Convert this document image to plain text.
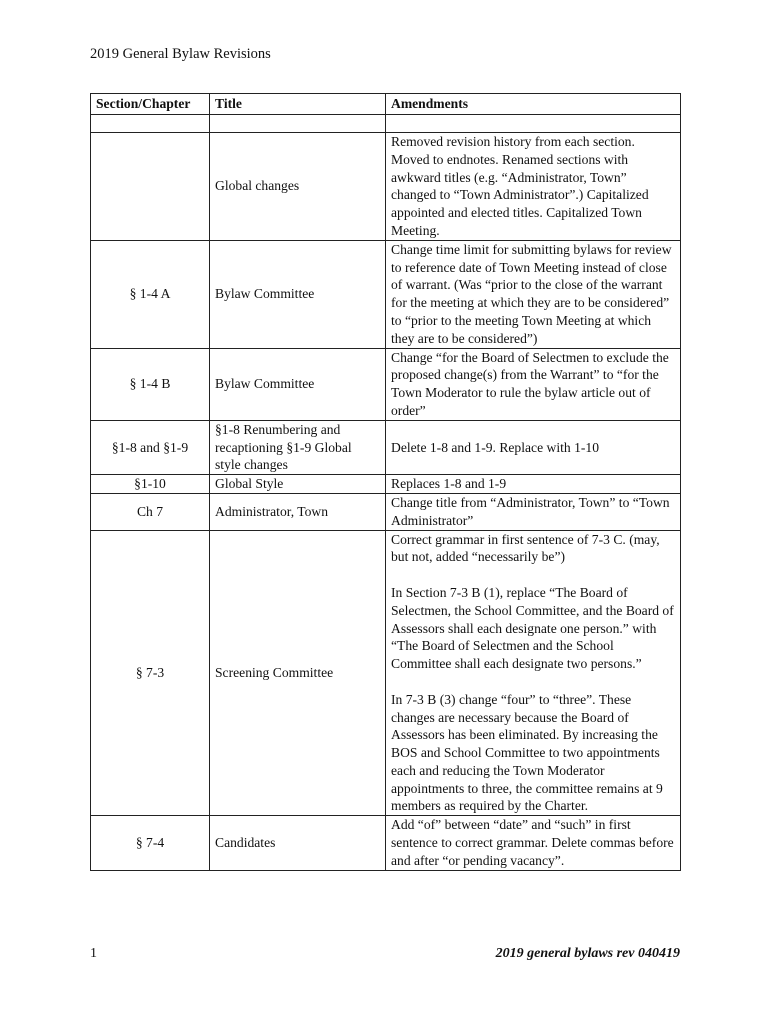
2019 General Bylaw Revisions
Section/Chapter	Title	Amendments

	Global changes	Removed revision history from each section. Moved to endnotes. Renamed sections with awkward titles (e.g. “Administrator, Town” changed to “Town Administrator”.) Capitalized appointed and elected titles. Capitalized Town Meeting.

§ 1-4 A	Bylaw Committee	Change time limit for submitting bylaws for review to reference date of Town Meeting instead of close of warrant. (Was “prior to the close of the warrant for the meeting at which they are to be considered” to “prior to the meeting Town Meeting at which they are to be considered”)

§ 1-4 B	Bylaw Committee	Change “for the Board of Selectmen to exclude the proposed change(s) from the Warrant” to “for the Town Moderator to rule the bylaw article out of order”

§1-8 and §1-9	§1-8 Renumbering and recaptioning §1-9 Global style changes	Delete 1-8 and 1-9. Replace with 1-10

§1-10	Global Style	Replaces 1-8 and 1-9

Ch 7	Administrator, Town	Change title from “Administrator, Town” to “Town Administrator”

§ 7-3	Screening Committee	Correct grammar in first sentence of 7-3 C. (may, but not, added “necessarily be”)
In Section 7-3 B (1), replace “The Board of Selectmen, the School Committee, and the Board of Assessors shall each designate one person.” with “The Board of Selectmen and the School Committee shall each designate two persons.”
In 7-3 B (3) change “four” to “three”. These changes are necessary because the Board of Assessors has been eliminated. By increasing the BOS and School Committee to two appointments each and reducing the Town Moderator appointments to three, the committee remains at 9 members as required by the Charter.

§ 7-4	Candidates	Add “of” between “date” and “such” in first sentence to correct grammar. Delete commas before and after “or pending vacancy”.
1	2019 general bylaws rev 040419
